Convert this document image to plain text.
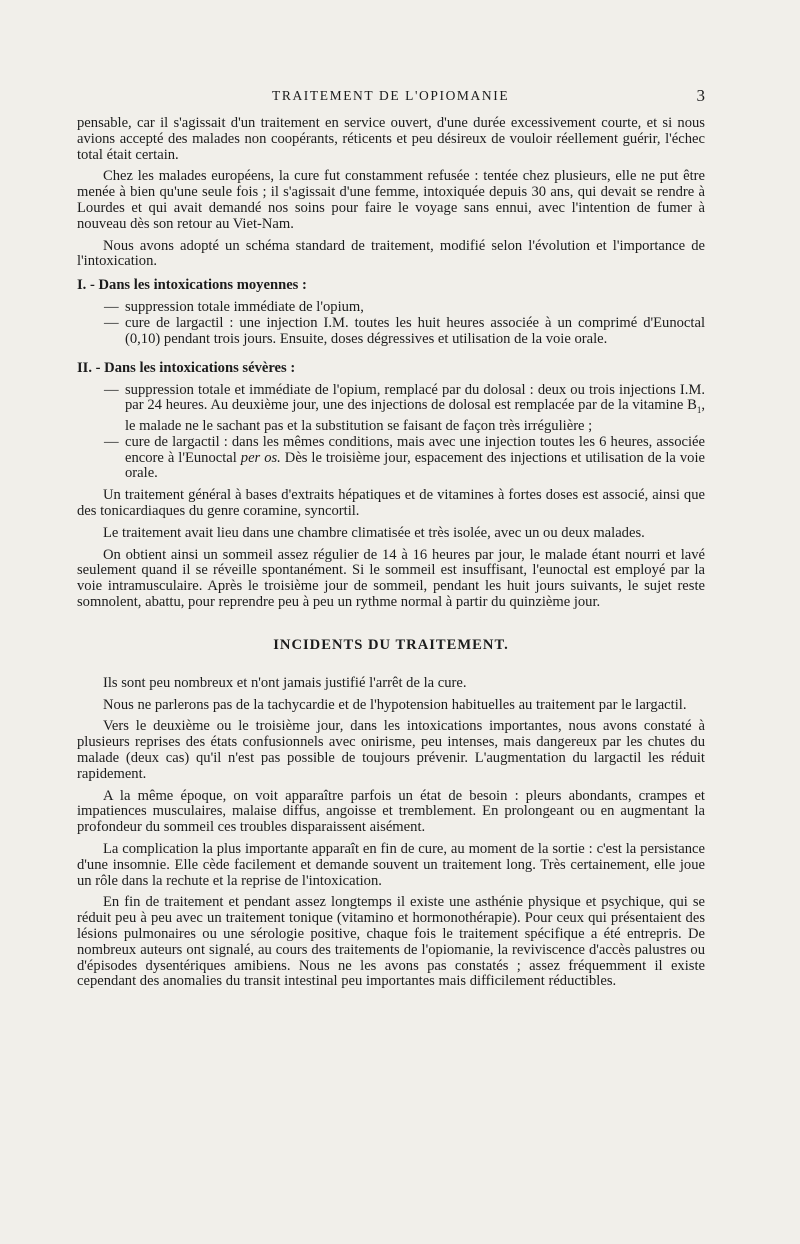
TRAITEMENT DE L'OPIOMANIE	3

pensable, car il s'agissait d'un traitement en service ouvert, d'une durée excessivement courte, et si nous avions accepté des malades non coopérants, réticents et peu désireux de vouloir réellement guérir, l'échec total était certain.

Chez les malades européens, la cure fut constamment refusée : tentée chez plusieurs, elle ne put être menée à bien qu'une seule fois ; il s'agissait d'une femme, intoxiquée depuis 30 ans, qui devait se rendre à Lourdes et qui avait demandé nos soins pour faire le voyage sans ennui, avec l'intention de fumer à nouveau dès son retour au Viet-Nam.

Nous avons adopté un schéma standard de traitement, modifié selon l'évolution et l'importance de l'intoxication.

I. - Dans les intoxications moyennes :
— suppression totale immédiate de l'opium,
— cure de largactil : une injection I.M. toutes les huit heures associée à un comprimé d'Eunoctal (0,10) pendant trois jours. Ensuite, doses dégressives et utilisation de la voie orale.
II. - Dans les intoxications sévères :
— suppression totale et immédiate de l'opium, remplacé par du dolosal : deux ou trois injections I.M. par 24 heures. Au deuxième jour, une des injections de dolosal est remplacée par de la vitamine $B_1$, le malade ne le sachant pas et la substitution se faisant de façon très irrégulière ;
— cure de largactil : dans les mêmes conditions, mais avec une injection toutes les 6 heures, associée encore à l'Eunoctal per os. Dès le troisième jour, espacement des injections et utilisation de la voie orale.

Un traitement général à bases d'extraits hépatiques et de vitamines à fortes doses est associé, ainsi que des tonicardiaques du genre coramine, syncortil.

Le traitement avait lieu dans une chambre climatisée et très isolée, avec un ou deux malades.

On obtient ainsi un sommeil assez régulier de 14 à 16 heures par jour, le malade étant nourri et lavé seulement quand il se réveille spontanément. Si le sommeil est insuffisant, l'eunoctal est employé par la voie intramusculaire. Après le troisième jour de sommeil, pendant les huit jours suivants, le sujet reste somnolent, abattu, pour reprendre peu à peu un rythme normal à partir du quinzième jour.

INCIDENTS DU TRAITEMENT.

Ils sont peu nombreux et n'ont jamais justifié l'arrêt de la cure.

Nous ne parlerons pas de la tachycardie et de l'hypotension habituelles au traitement par le largactil.

Vers le deuxième ou le troisième jour, dans les intoxications importantes, nous avons constaté à plusieurs reprises des états confusionnels avec onirisme, peu intenses, mais dangereux par les chutes du malade (deux cas) qu'il n'est pas possible de toujours prévenir. L'augmentation du largactil les réduit rapidement.

A la même époque, on voit apparaître parfois un état de besoin : pleurs abondants, crampes et impatiences musculaires, malaise diffus, angoisse et tremblement. En prolongeant ou en augmentant la profondeur du sommeil ces troubles disparaissent aisément.

La complication la plus importante apparaît en fin de cure, au moment de la sortie : c'est la persistance d'une insomnie. Elle cède facilement et demande souvent un traitement long. Très certainement, elle joue un rôle dans la rechute et la reprise de l'intoxication.

En fin de traitement et pendant assez longtemps il existe une asthénie physique et psychique, qui se réduit peu à peu avec un traitement tonique (vitamino et hormonothérapie). Pour ceux qui présentaient des lésions pulmonaires ou une sérologie positive, chaque fois le traitement spécifique a été entrepris. De nombreux auteurs ont signalé, au cours des traitements de l'opiomanie, la reviviscence d'accès palustres ou d'épisodes dysentériques amibiens. Nous ne les avons pas constatés ; assez fréquemment il existe cependant des anomalies du transit intestinal peu importantes mais difficilement réductibles.
